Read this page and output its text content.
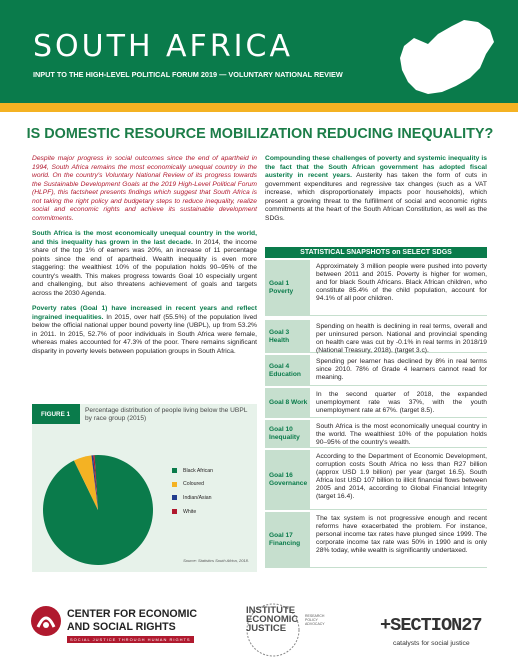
SOUTH AFRICA
INPUT TO THE HIGH-LEVEL POLITICAL FORUM 2019 — VOLUNTARY NATIONAL REVIEW
IS DOMESTIC RESOURCE MOBILIZATION REDUCING INEQUALITY?

Despite major progress in social outcomes since the end of apartheid in 1994, South Africa remains the most economically unequal country in the world. On the country's Voluntary National Review of its progress towards the Sustainable Development Goals at the 2019 High-Level Political Forum (HLPF), this factsheet presents findings which suggest that South Africa is not taking the right policy and budgetary steps to reduce inequality, realize social and economic rights and achieve its sustainable development commitments.

South Africa is the most economically unequal country in the world, and this inequality has grown in the last decade. In 2014, the income share of the top 1% of earners was 20%, an increase of 11 percentage points since the end of apartheid. Wealth inequality is even more staggering: the wealthiest 10% of the population holds 90–95% of the country's wealth. This makes progress towards Goal 10 especially urgent and challenging, but also threatens achievement of goals and targets across the 2030 Agenda.

Poverty rates (Goal 1) have increased in recent years and reflect ingrained inequalities. In 2015, over half (55.5%) of the population lived below the official national upper bound poverty line (UBPL), up from 53.2% in 2011. In 2015, 52.7% of poor individuals in South Africa were female, whereas males accounted for 47.3% of the poor. There remains significant disparity in poverty levels between population groups in South Africa.

FIGURE 1
Percentage distribution of people living below the UBPL by race group (2015)
Black African
Coloured
Indian/Asian
White
Source: Statistics South Africa, 2018.

Compounding these challenges of poverty and systemic inequality is the fact that the South African government has adopted fiscal austerity in recent years. Austerity has taken the form of cuts in government expenditures and regressive tax changes (such as a VAT increase, which disproportionately impacts poor households), which present a growing threat to the fulfillment of social and economic rights commitments at the heart of the South African Constitution, as well as the SDGs.

STATISTICAL SNAPSHOTS on SELECT SDGS
Goal 1 Poverty
Approximately 3 million people were pushed into poverty between 2011 and 2015. Poverty is higher for women, and for black South Africans. Black African children, who constitute 85.4% of the child population, account for 94.1% of all poor children.
Goal 3 Health
Spending on health is declining in real terms, overall and per uninsured person. National and provincial spending on health care was cut by -0.1% in real terms in 2018/19 (National Treasury, 2018). (target 3.c).
Goal 4 Education
Spending per learner has declined by 8% in real terms since 2010. 78% of Grade 4 learners cannot read for meaning.
Goal 8 Work
In the second quarter of 2018, the expanded unemployment rate was 37%, with the youth unemployment rate at 67%. (target 8.5).
Goal 10 Inequality
South Africa is the most economically unequal country in the world. The wealthiest 10% of the population holds 90–95% of the country's wealth.
Goal 16 Governance
According to the Department of Economic Development, corruption costs South Africa no less than R27 billion (approx USD 1.9 billion) per year (target 16.5). South Africa lost USD 107 billion to illicit financial flows between 2005 and 2014, according to Global Financial Integrity (target 16.4).
Goal 17 Financing
The tax system is not progressive enough and recent reforms have exacerbated the problem. For instance, personal income tax rates have plunged since 1999. The corporate income tax rate was 50% in 1990 and is only 28% today, while wealth is significantly undertaxed.
CENTER FOR ECONOMIC
AND SOCIAL RIGHTS
SOCIAL JUSTICE THROUGH HUMAN RIGHTS
INSTITUTE
ECONOMIC
JUSTICE
RESEARCH POLICY ADVOCACY	+SECTION27
catalysts for social justice
